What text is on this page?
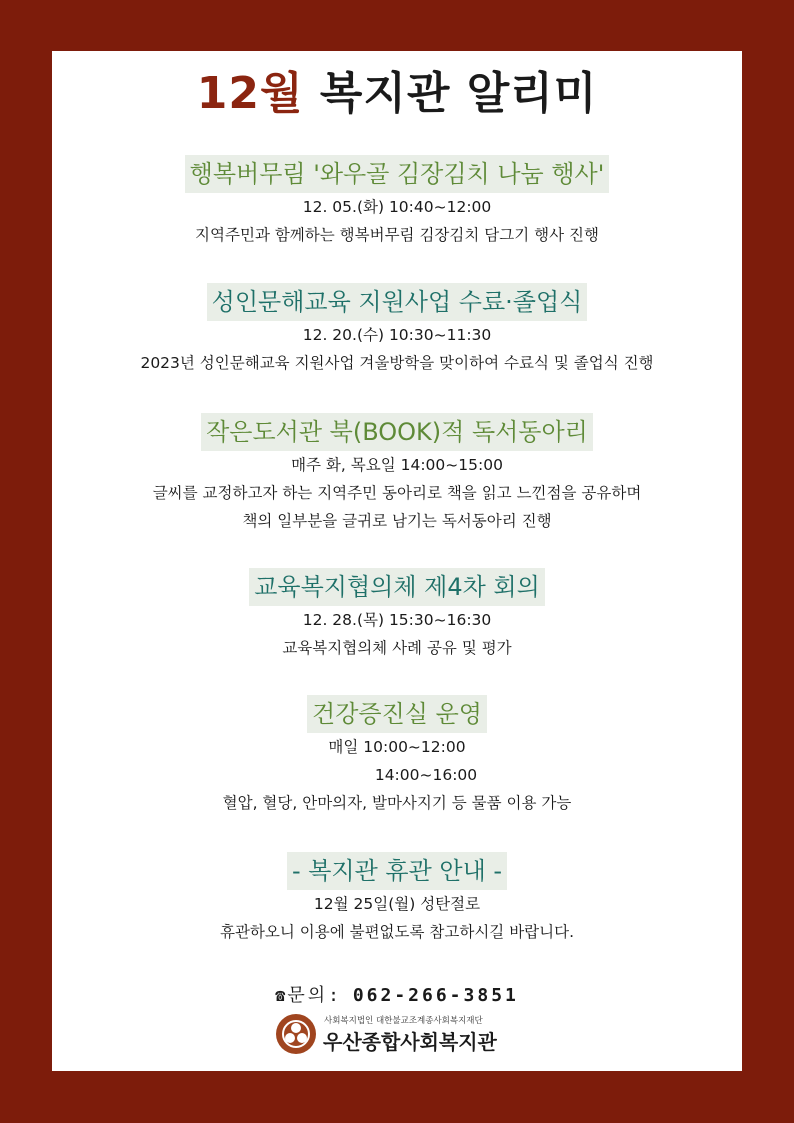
12월 복지관 알리미
행복버무림 '와우골 김장김치 나눔 행사'
12. 05.(화) 10:40~12:00
지역주민과 함께하는 행복버무림 김장김치 담그기 행사 진행
성인문해교육 지원사업 수료·졸업식
12. 20.(수) 10:30~11:30
2023년 성인문해교육 지원사업 겨울방학을 맞이하여 수료식 및 졸업식 진행
작은도서관 북(BOOK)적 독서동아리
매주 화, 목요일 14:00~15:00
글씨를 교정하고자 하는 지역주민 동아리로 책을 읽고 느낀점을 공유하며
책의 일부분을 글귀로 남기는 독서동아리 진행
교육복지협의체 제4차 회의
12. 28.(목) 15:30~16:30
교육복지협의체 사례 공유 및 평가
건강증진실 운영
매일 10:00~12:00
14:00~16:00
혈압, 혈당, 안마의자, 발마사지기 등 물품 이용 가능
- 복지관 휴관 안내 -
12월 25일(월) 성탄절로
휴관하오니 이용에 불편없도록 참고하시길 바랍니다.
☎ 문의: 062-266-3851
사회복지법인 대한불교조계종사회복지재단
우산종합사회복지관
